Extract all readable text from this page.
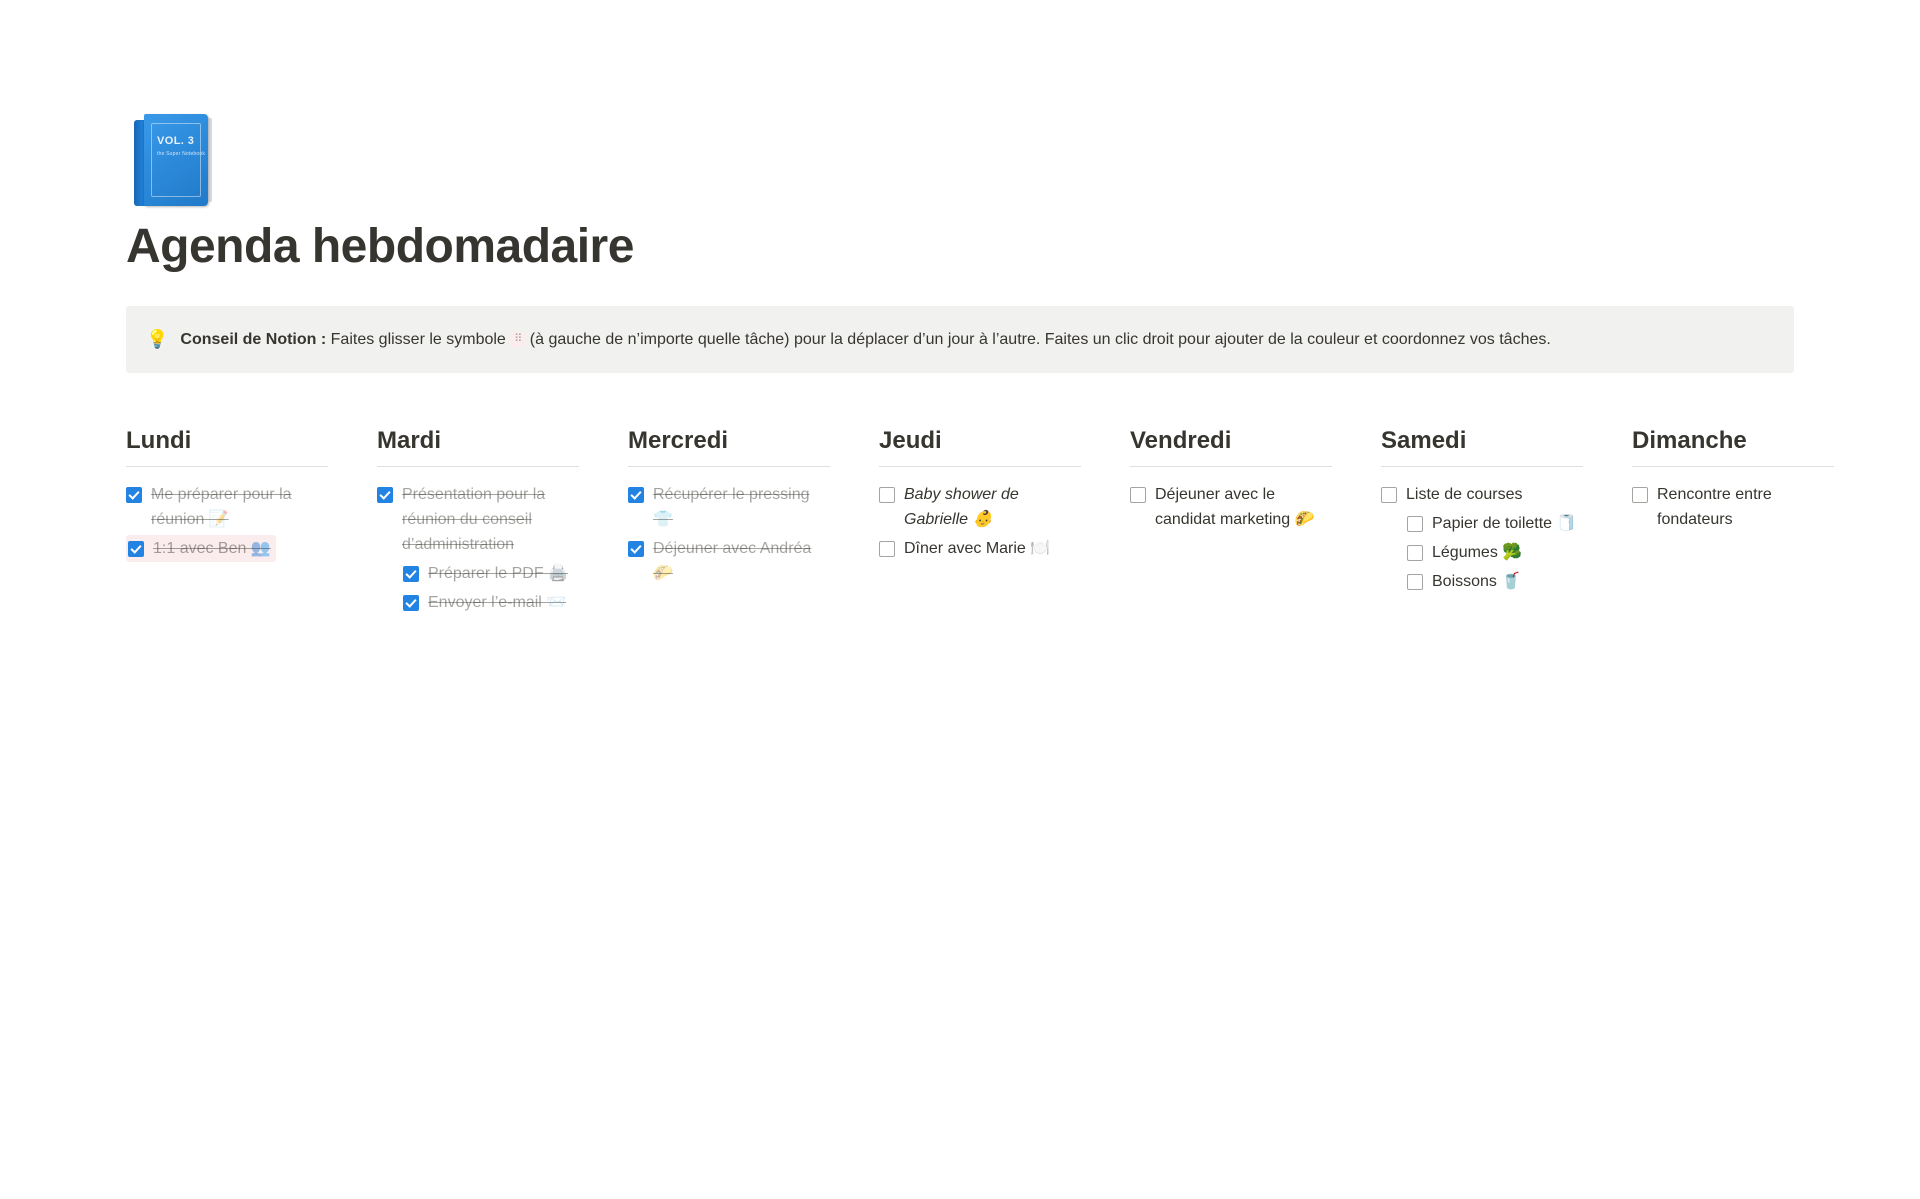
VOL. 3
the Super Notebook
Agenda hebdomadaire
💡 Conseil de Notion : Faites glisser le symbole ⠿ (à gauche de n’importe quelle tâche) pour la déplacer d’un jour à l’autre. Faites un clic droit pour ajouter de la couleur et coordonnez vos tâches.
Lundi
Me préparer pour la réunion 📝
1:1 avec Ben 👥
Mardi
Présentation pour la réunion du conseil d’administration
Préparer le PDF 🖨️
Envoyer l’e-mail 📨
Mercredi
Récupérer le pressing 👕
Déjeuner avec Andréa 🌮
Jeudi
Baby shower de Gabrielle 👶
Dîner avec Marie 🍽️
Vendredi
Déjeuner avec le candidat marketing 🌮
Samedi
Liste de courses
Papier de toilette 🧻
Légumes 🥦
Boissons 🥤
Dimanche
Rencontre entre fondateurs
